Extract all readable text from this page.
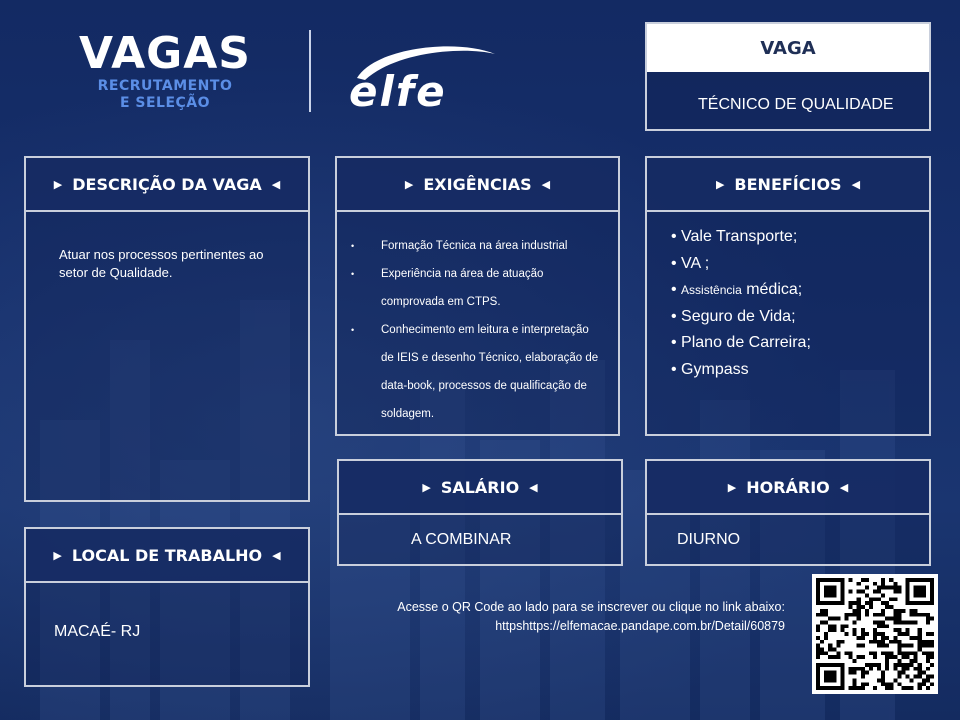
VAGAS
RECRUTAMENTO
E SELEÇÃO	elfe
VAGA
TÉCNICO DE QUALIDADE
▶ DESCRIÇÃO DA VAGA ◀
Atuar nos processos pertinentes ao setor de Qualidade.
▶ EXIGÊNCIAS ◀
•	Formação Técnica na área industrial
•	Experiência na área de atuação comprovada em CTPS.
•	Conhecimento em leitura e interpretação de IEIS e desenho Técnico, elaboração de data-book, processos de qualificação de soldagem.
▶ BENEFÍCIOS ◀
• Vale Transporte;
• VA ;
• Assistência médica;
• Seguro de Vida;
• Plano de Carreira;
• Gympass
▶ SALÁRIO ◀
A COMBINAR
▶ HORÁRIO ◀
DIURNO
▶ LOCAL DE TRABALHO ◀
MACAÉ- RJ
Acesse o QR Code ao lado para se inscrever ou clique no link abaixo:
httpshttps://elfemacae.pandape.com.br/Detail/60879
